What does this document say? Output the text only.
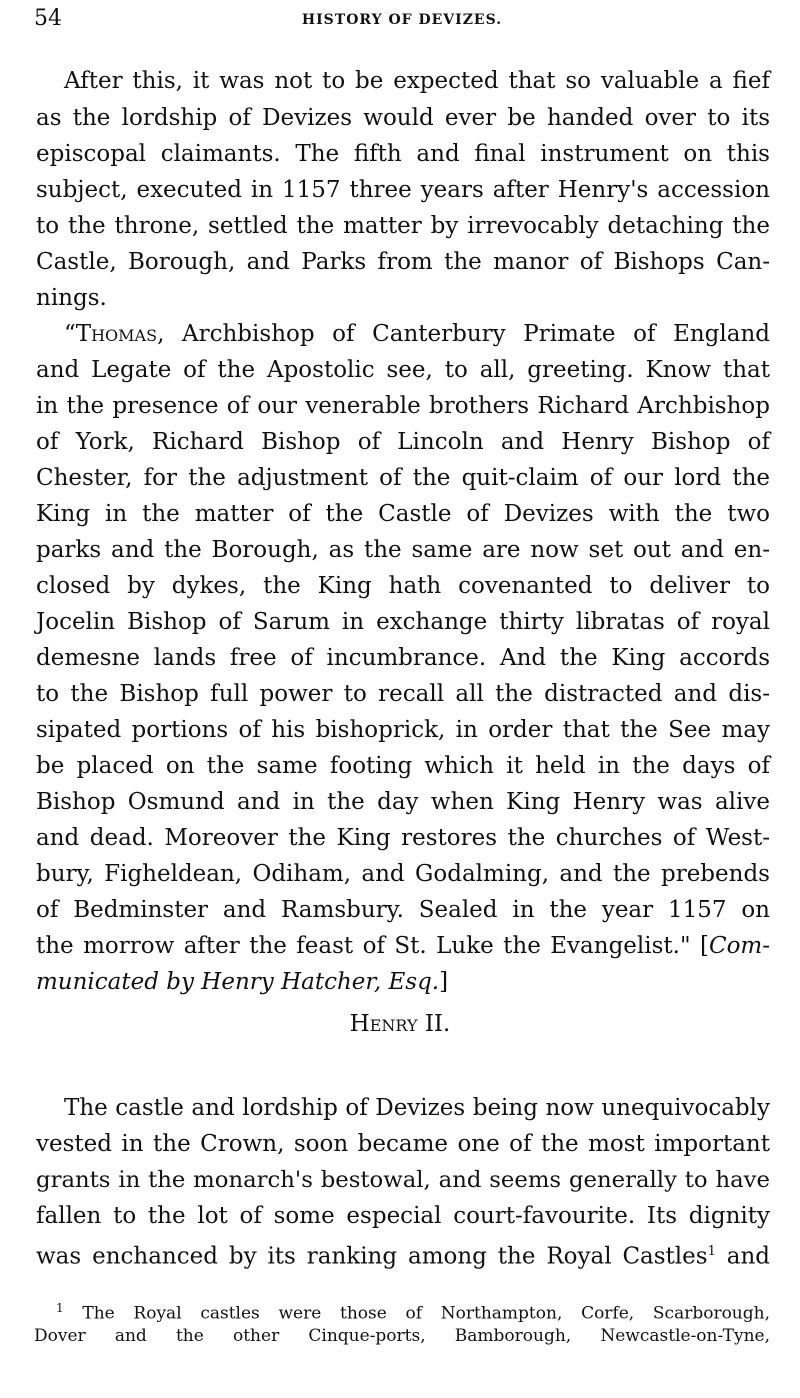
54	HISTORY OF DEVIZES.
After this, it was not to be expected that so valuable a fief
as the lordship of Devizes would ever be handed over to its
episcopal claimants. The fifth and final instrument on this
subject, executed in 1157 three years after Henry's accession
to the throne, settled the matter by irrevocably detaching the
Castle, Borough, and Parks from the manor of Bishops Can-
nings.
“Thomas, Archbishop of Canterbury Primate of England
and Legate of the Apostolic see, to all, greeting. Know that
in the presence of our venerable brothers Richard Archbishop
of York, Richard Bishop of Lincoln and Henry Bishop of
Chester, for the adjustment of the quit-claim of our lord the
King in the matter of the Castle of Devizes with the two
parks and the Borough, as the same are now set out and en-
closed by dykes, the King hath covenanted to deliver to
Jocelin Bishop of Sarum in exchange thirty libratas of royal
demesne lands free of incumbrance. And the King accords
to the Bishop full power to recall all the distracted and dis-
sipated portions of his bishoprick, in order that the See may
be placed on the same footing which it held in the days of
Bishop Osmund and in the day when King Henry was alive
and dead. Moreover the King restores the churches of West-
bury, Figheldean, Odiham, and Godalming, and the prebends
of Bedminster and Ramsbury. Sealed in the year 1157 on
the morrow after the feast of St. Luke the Evangelist." [Com-
municated by Henry Hatcher, Esq.]
Henry II.
The castle and lordship of Devizes being now unequivocably
vested in the Crown, soon became one of the most important
grants in the monarch's bestowal, and seems generally to have
fallen to the lot of some especial court-favourite. Its dignity
was enchanced by its ranking among the Royal Castles$^1$ and
$^1$ The Royal castles were those of Northampton, Corfe, Scarborough,
Dover and the other Cinque-ports, Bamborough, Newcastle-on-Tyne,
